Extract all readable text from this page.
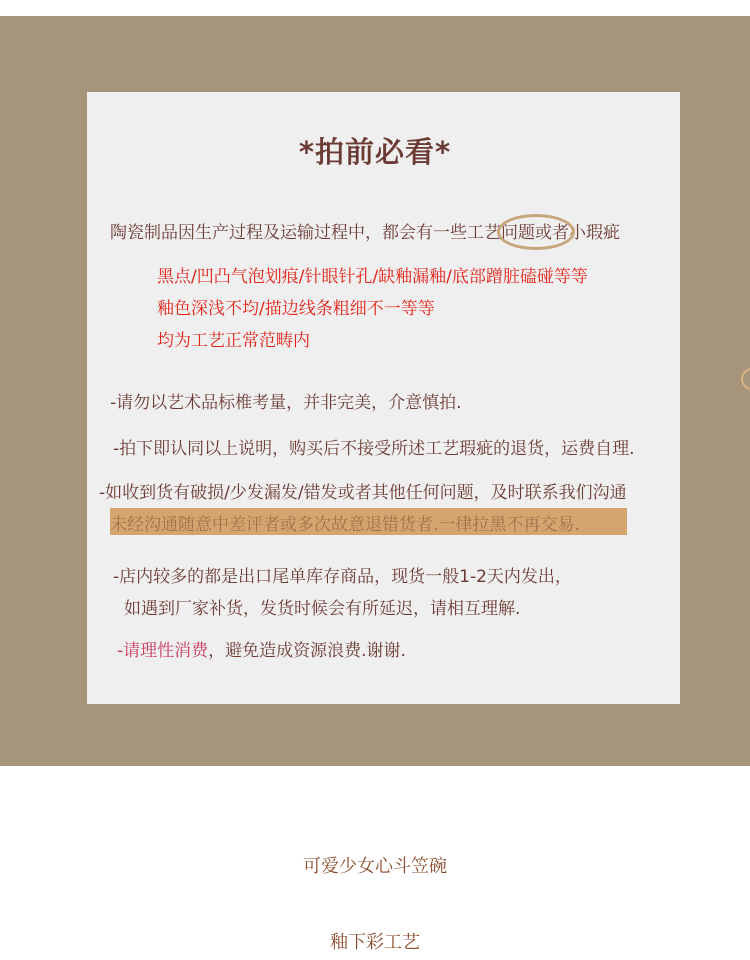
*拍前必看*
陶瓷制品因生产过程及运输过程中，都会有一些工艺问题或者小瑕疵
黑点/凹凸气泡划痕/针眼针孔/缺釉漏釉/底部蹭脏磕碰等等
釉色深浅不均/描边线条粗细不一等等
均为工艺正常范畴内
-请勿以艺术品标椎考量，并非完美，介意慎拍.
-拍下即认同以上说明，购买后不接受所述工艺瑕疵的退货，运费自理.
-如收到货有破损/少发漏发/错发或者其他任何问题，及时联系我们沟通
未经沟通随意中差评者或多次故意退错货者.一律拉黑不再交易.
-店内较多的都是出口尾单库存商品，现货一般1-2天内发出，
如遇到厂家补货，发货时候会有所延迟，请相互理解.
-请理性消费，避免造成资源浪费.谢谢.
可爱少女心斗笠碗
釉下彩工艺
